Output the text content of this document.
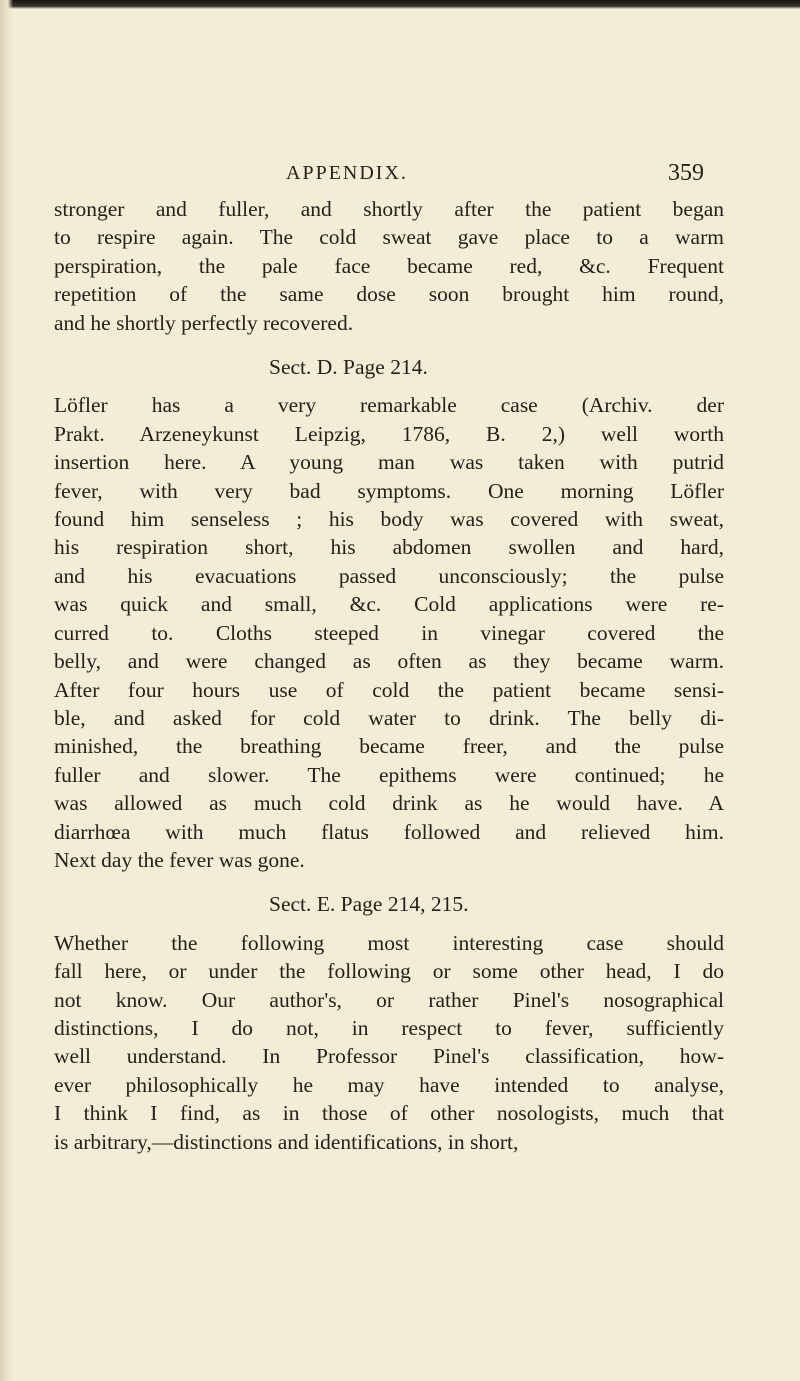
APPENDIX.	359
stronger and fuller, and shortly after the patient began
to respire again. The cold sweat gave place to a warm
perspiration, the pale face became red, &c. Frequent
repetition of the same dose soon brought him round,
and he shortly perfectly recovered.
Sect. D. Page 214.
Löfler has a very remarkable case (Archiv. der
Prakt. Arzeneykunst Leipzig, 1786, B. 2,) well worth
insertion here. A young man was taken with putrid
fever, with very bad symptoms. One morning Löfler
found him senseless ; his body was covered with sweat,
his respiration short, his abdomen swollen and hard,
and his evacuations passed unconsciously; the pulse
was quick and small, &c. Cold applications were re-
curred to. Cloths steeped in vinegar covered the
belly, and were changed as often as they became warm.
After four hours use of cold the patient became sensi-
ble, and asked for cold water to drink. The belly di-
minished, the breathing became freer, and the pulse
fuller and slower. The epithems were continued; he
was allowed as much cold drink as he would have. A
diarrhœa with much flatus followed and relieved him.
Next day the fever was gone.
Sect. E. Page 214, 215.
Whether the following most interesting case should
fall here, or under the following or some other head, I do
not know. Our author's, or rather Pinel's nosographical
distinctions, I do not, in respect to fever, sufficiently
well understand. In Professor Pinel's classification, how-
ever philosophically he may have intended to analyse,
I think I find, as in those of other nosologists, much that
is arbitrary,—distinctions and identifications, in short,
